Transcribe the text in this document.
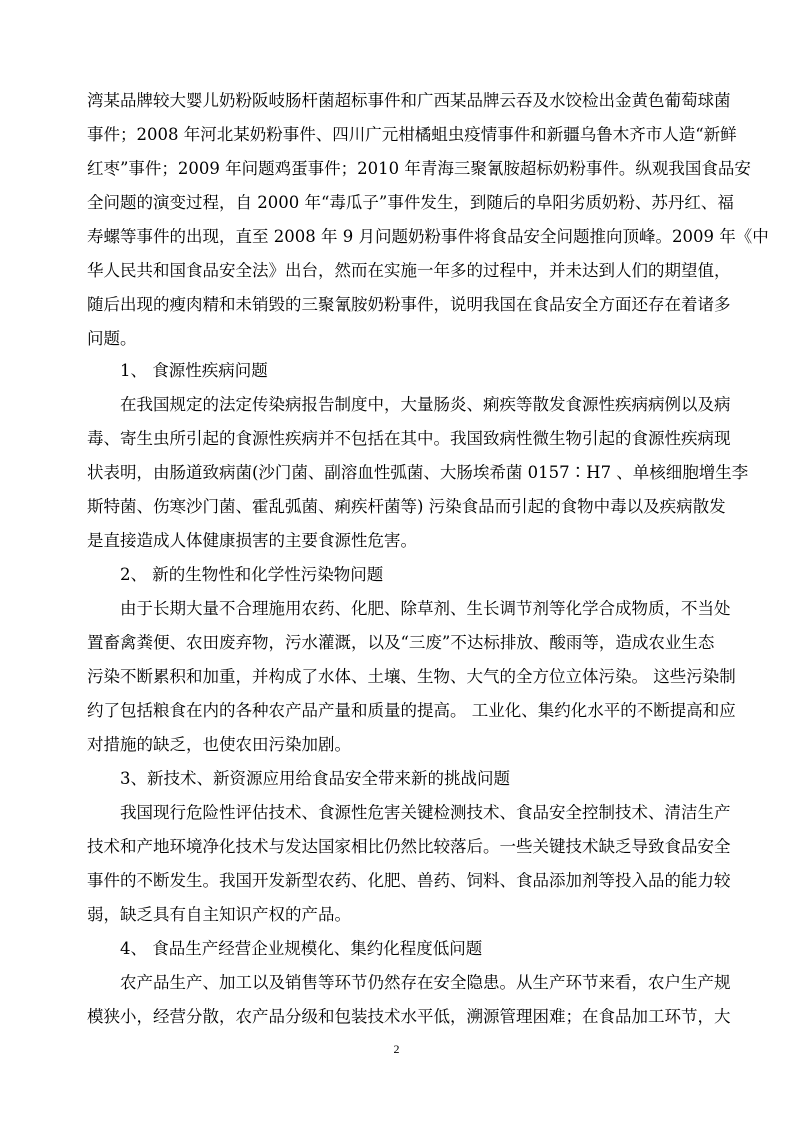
湾某品牌较大婴儿奶粉阪岐肠杆菌超标事件和广西某品牌云吞及水饺检出金黄色葡萄球菌
事件；2008 年河北某奶粉事件、四川广元柑橘蛆虫疫情事件和新疆乌鲁木齐市人造“新鲜
红枣”事件；2009 年问题鸡蛋事件；2010 年青海三聚氰胺超标奶粉事件。纵观我国食品安
全问题的演变过程，自 2000 年“毒瓜子”事件发生，到随后的阜阳劣质奶粉、苏丹红、福
寿螺等事件的出现，直至 2008 年 9 月问题奶粉事件将食品安全问题推向顶峰。2009 年《中
华人民共和国食品安全法》出台，然而在实施一年多的过程中，并未达到人们的期望值，
随后出现的瘦肉精和未销毁的三聚氰胺奶粉事件，说明我国在食品安全方面还存在着诸多
问题。
1、 食源性疾病问题
在我国规定的法定传染病报告制度中，大量肠炎、痢疾等散发食源性疾病病例以及病
毒、寄生虫所引起的食源性疾病并不包括在其中。我国致病性微生物引起的食源性疾病现
状表明，由肠道致病菌(沙门菌、副溶血性弧菌、大肠埃希菌 0157∶H7 、单核细胞增生李
斯特菌、伤寒沙门菌、霍乱弧菌、痢疾杆菌等) 污染食品而引起的食物中毒以及疾病散发
是直接造成人体健康损害的主要食源性危害。
2、 新的生物性和化学性污染物问题
由于长期大量不合理施用农药、化肥、除草剂、生长调节剂等化学合成物质，不当处
置畜禽粪便、农田废弃物，污水灌溉，以及“三废”不达标排放、酸雨等，造成农业生态
污染不断累积和加重，并构成了水体、土壤、生物、大气的全方位立体污染。 这些污染制
约了包括粮食在内的各种农产品产量和质量的提高。 工业化、集约化水平的不断提高和应
对措施的缺乏，也使农田污染加剧。
3、新技术、新资源应用给食品安全带来新的挑战问题
我国现行危险性评估技术、食源性危害关键检测技术、食品安全控制技术、清洁生产
技术和产地环境净化技术与发达国家相比仍然比较落后。一些关键技术缺乏导致食品安全
事件的不断发生。我国开发新型农药、化肥、兽药、饲料、食品添加剂等投入品的能力较
弱，缺乏具有自主知识产权的产品。
4、 食品生产经营企业规模化、集约化程度低问题
农产品生产、加工以及销售等环节仍然存在安全隐患。从生产环节来看，农户生产规
模狭小，经营分散，农产品分级和包装技术水平低，溯源管理困难；在食品加工环节，大
2
